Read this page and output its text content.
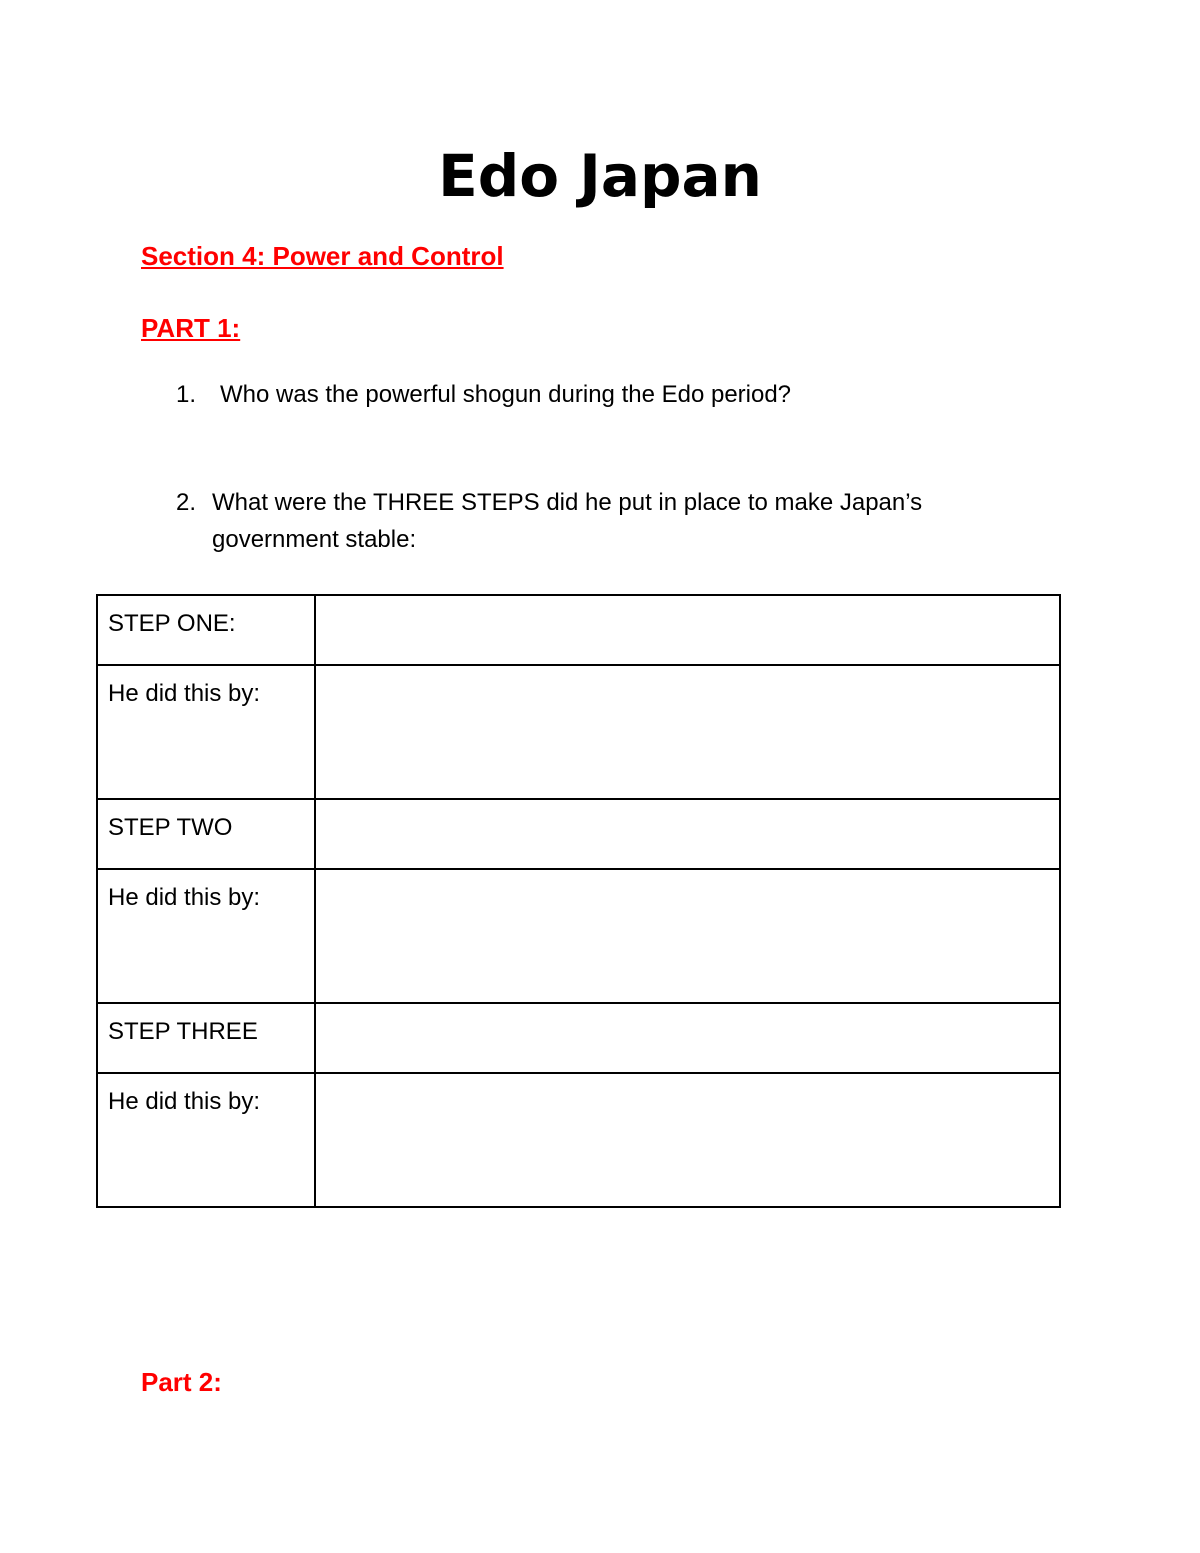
Edo Japan
Section 4: Power and Control
PART 1:
1. Who was the powerful shogun during the Edo period?
2. What were the THREE STEPS did he put in place to make Japan’s government stable:
STEP ONE:	
He did this by:	
STEP TWO	
He did this by:	
STEP THREE	
He did this by:	
Part 2:
